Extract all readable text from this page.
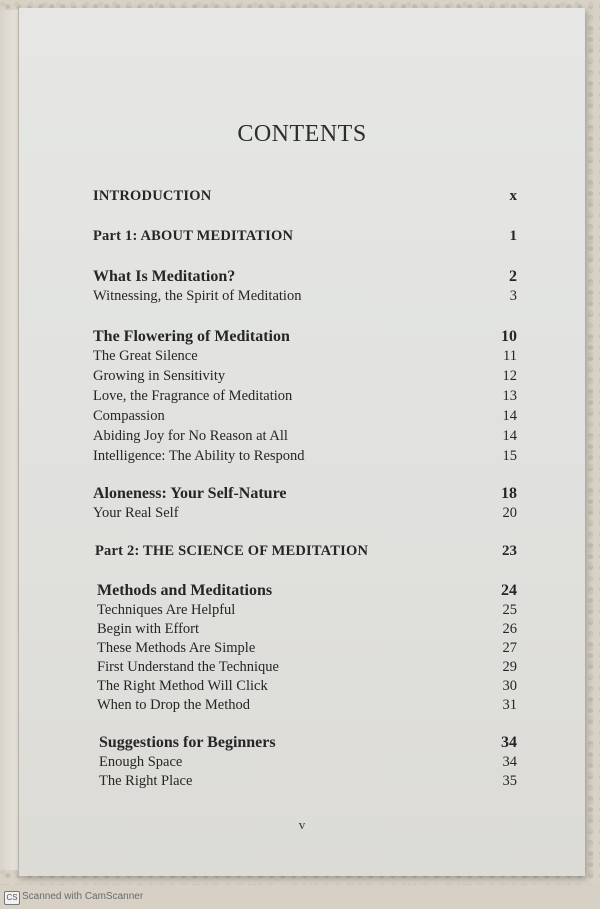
CONTENTS
INTRODUCTION	x
Part 1: ABOUT MEDITATION	1
What Is Meditation?	2
Witnessing, the Spirit of Meditation	3
The Flowering of Meditation	10
The Great Silence	11
Growing in Sensitivity	12
Love, the Fragrance of Meditation	13
Compassion	14
Abiding Joy for No Reason at All	14
Intelligence: The Ability to Respond	15
Aloneness: Your Self-Nature	18
Your Real Self	20
Part 2: THE SCIENCE OF MEDITATION	23
Methods and Meditations	24
Techniques Are Helpful	25
Begin with Effort	26
These Methods Are Simple	27
First Understand the Technique	29
The Right Method Will Click	30
When to Drop the Method	31
Suggestions for Beginners	34
Enough Space	34
The Right Place	35
v
CS Scanned with CamScanner
